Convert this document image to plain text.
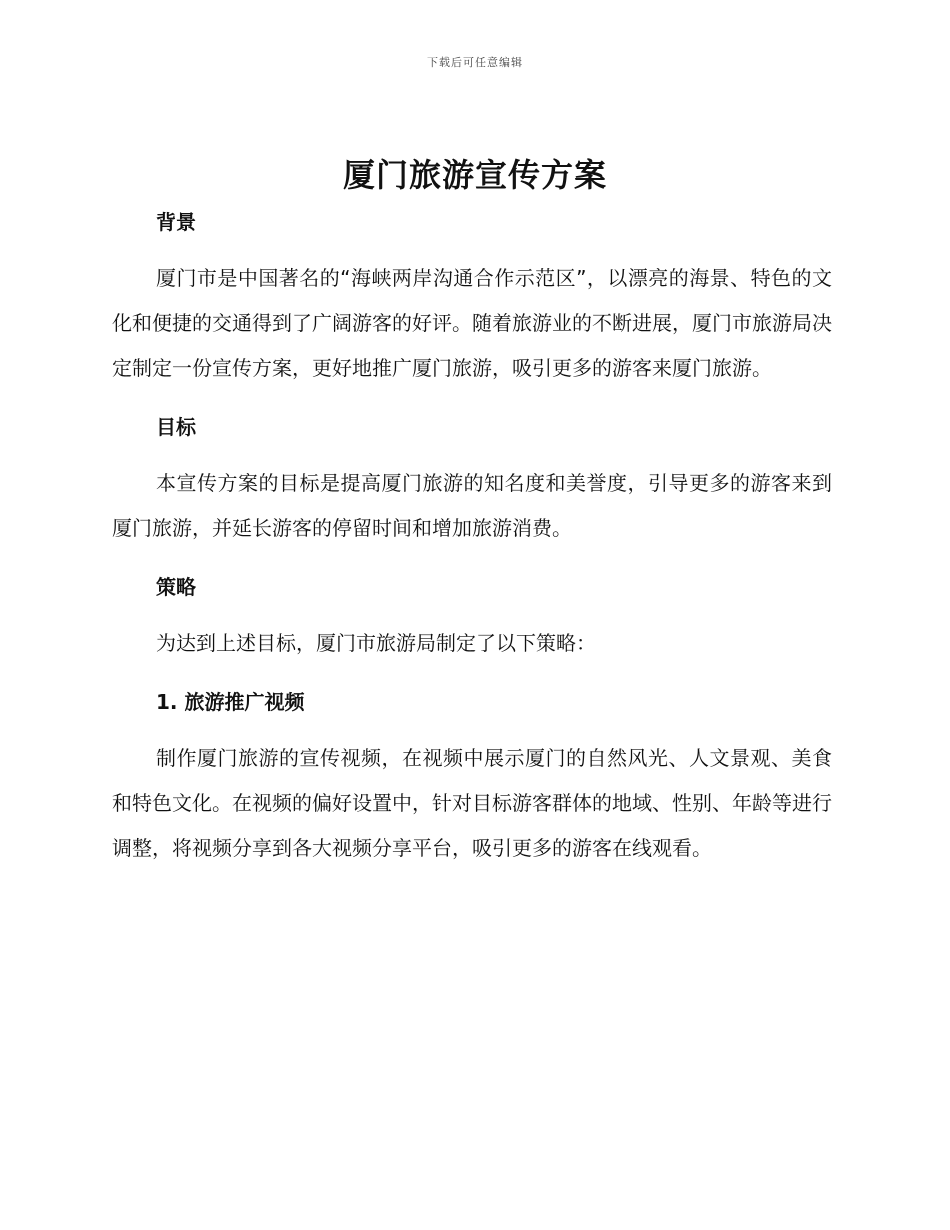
下载后可任意编辑
厦门旅游宣传方案
背景

厦门市是中国著名的“海峡两岸沟通合作示范区”，以漂亮的海景、特色的文化和便捷的交通得到了广阔游客的好评。随着旅游业的不断进展，厦门市旅游局决定制定一份宣传方案，更好地推广厦门旅游，吸引更多的游客来厦门旅游。

目标

本宣传方案的目标是提高厦门旅游的知名度和美誉度，引导更多的游客来到厦门旅游，并延长游客的停留时间和增加旅游消费。

策略

为达到上述目标，厦门市旅游局制定了以下策略：

1. 旅游推广视频

制作厦门旅游的宣传视频，在视频中展示厦门的自然风光、人文景观、美食和特色文化。在视频的偏好设置中，针对目标游客群体的地域、性别、年龄等进行调整，将视频分享到各大视频分享平台，吸引更多的游客在线观看。
